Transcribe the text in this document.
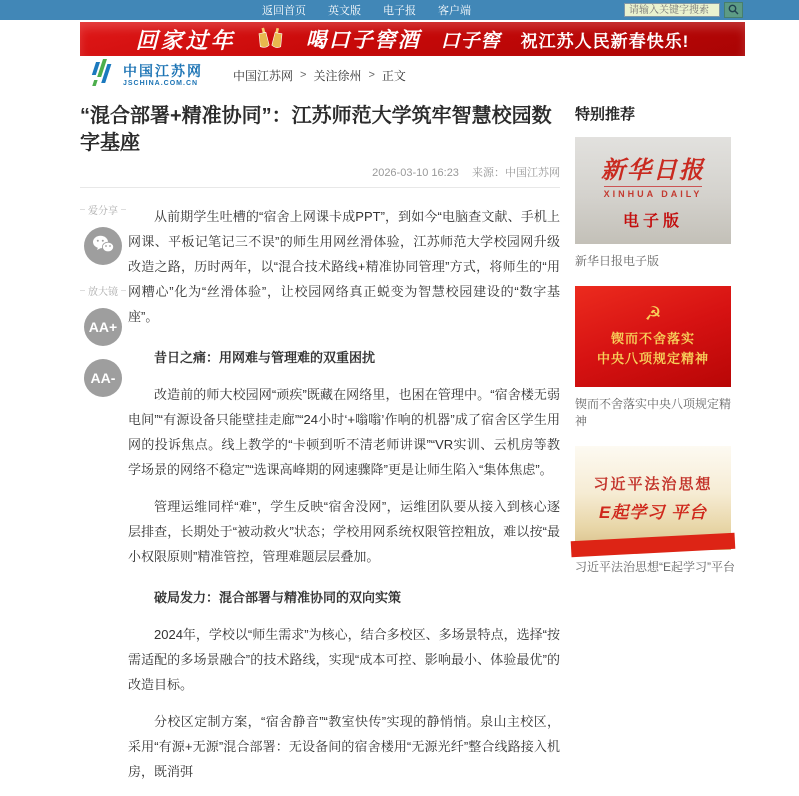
返回首页 英文版 电子报 客户端
请输入关键字搜索
回家过年	喝口子窖酒 口子窖 祝江苏人民新春快乐!
中国江苏网
JSCHINA.COM.CN
中国江苏网 > 关注徐州 > 正文
“混合部署+精准协同”：江苏师范大学筑牢智慧校园数字基座
2026-03-10 16:23 来源：中国江苏网
爱分享
放大镜
AA+
AA-

从前期学生吐槽的“宿舍上网课卡成PPT”，到如今“电脑查文献、手机上网课、平板记笔记三不误”的师生用网丝滑体验，江苏师范大学校园网升级改造之路，历时两年，以“混合技术路线+精准协同管理”方式，将师生的“用网糟心”化为“丝滑体验”，让校园网络真正蜕变为智慧校园建设的“数字基座”。

昔日之痛：用网难与管理难的双重困扰

改造前的师大校园网“顽疾”既藏在网络里，也困在管理中。“宿舍楼无弱电间”“有源设备只能壁挂走廊”“24小时‘+嗡嗡’作响的机器”成了宿舍区学生用网的投诉焦点。线上教学的“卡顿到听不清老师讲课”“VR实训、云机房等教学场景的网络不稳定”“选课高峰期的网速骤降”更是让师生陷入“集体焦虑”。

管理运维同样“难”，学生反映“宿舍没网”，运维团队要从接入到核心逐层排查，长期处于“被动救火”状态；学校用网系统权限管控粗放，难以按“最小权限原则”精准管控，管理难题层层叠加。

破局发力：混合部署与精准协同的双向实策

2024年，学校以“师生需求”为核心，结合多校区、多场景特点，选择“按需适配的多场景融合”的技术路线，实现“成本可控、影响最小、体验最优”的改造目标。

分校区定制方案，“宿舍静音”“教室快传”实现的静悄悄。泉山主校区，采用“有源+无源”混合部署：无设备间的宿舍楼用“无源光纤”整合线路接入机房，既消弭

特别推荐
新华日报
XINHUA DAILY
电子版
新华日报电子版
☭
锲而不舍落实
中央八项规定精神
锲而不舍落实中央八项规定精神
习近平法治思想
E起学习 平台
习近平法治思想“E起学习”平台
